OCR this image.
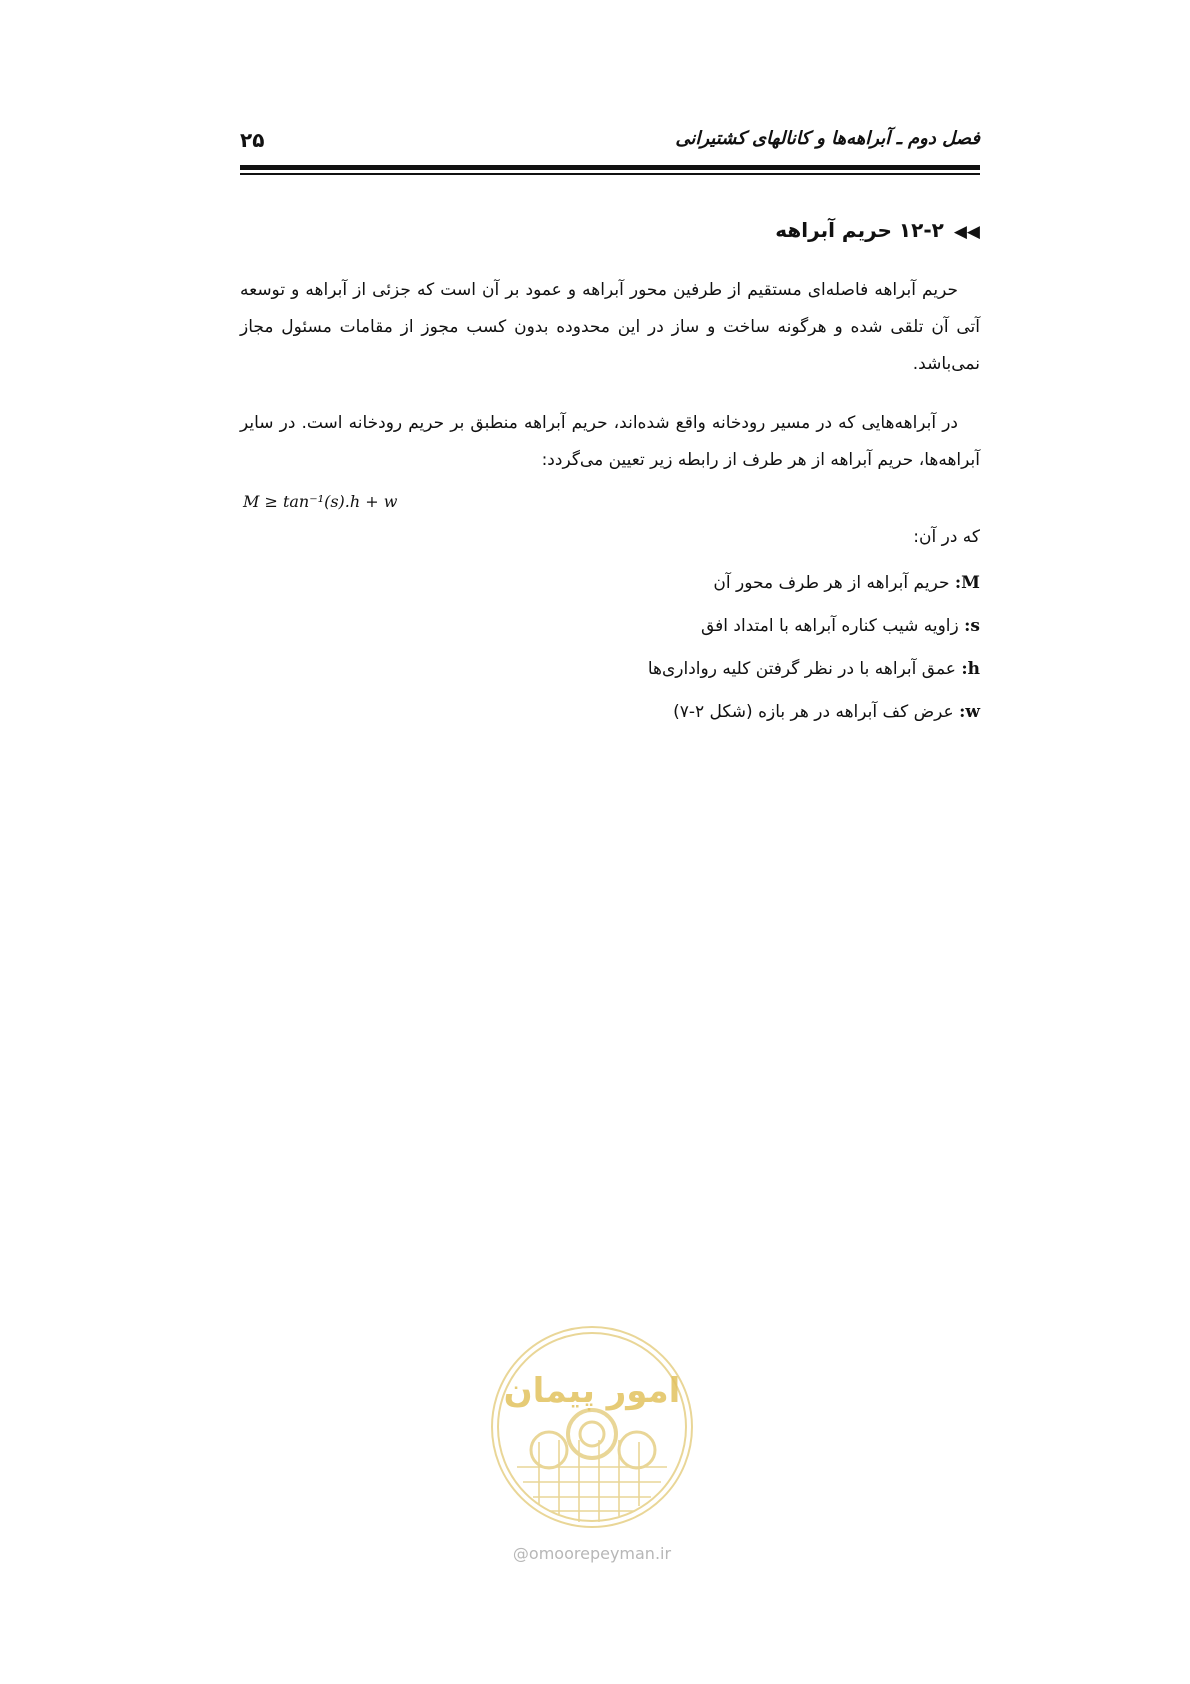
فصل دوم ـ آبراهه‌ها و کانالهای کشتیرانی
۲۵
◀◀۱۲-۲ حریم آبراهه

حریم آبراهه فاصله‌ای مستقیم از طرفین محور آبراهه و عمود بر آن است که جزئی از آبراهه و توسعه آتی آن تلقی شده و هرگونه ساخت و ساز در این محدوده بدون کسب مجوز از مقامات مسئول مجاز نمی‌باشد.

در آبراهه‌هایی که در مسیر رودخانه واقع شده‌اند، حریم آبراهه منطبق بر حریم رودخانه است. در سایر آبراهه‌ها، حریم آبراهه از هر طرف از رابطه زیر تعیین می‌گردد:

M ≥ tan⁻¹(s).h + w
که در آن:
M: حریم آبراهه از هر طرف محور آن
s: زاویه شیب کناره آبراهه با امتداد افق
h: عمق آبراهه با در نظر گرفتن کلیه رواداری‌ها
w: عرض کف آبراهه در هر بازه (شکل ۲-۷)
امور پیمان
@omoorepeyman.ir
